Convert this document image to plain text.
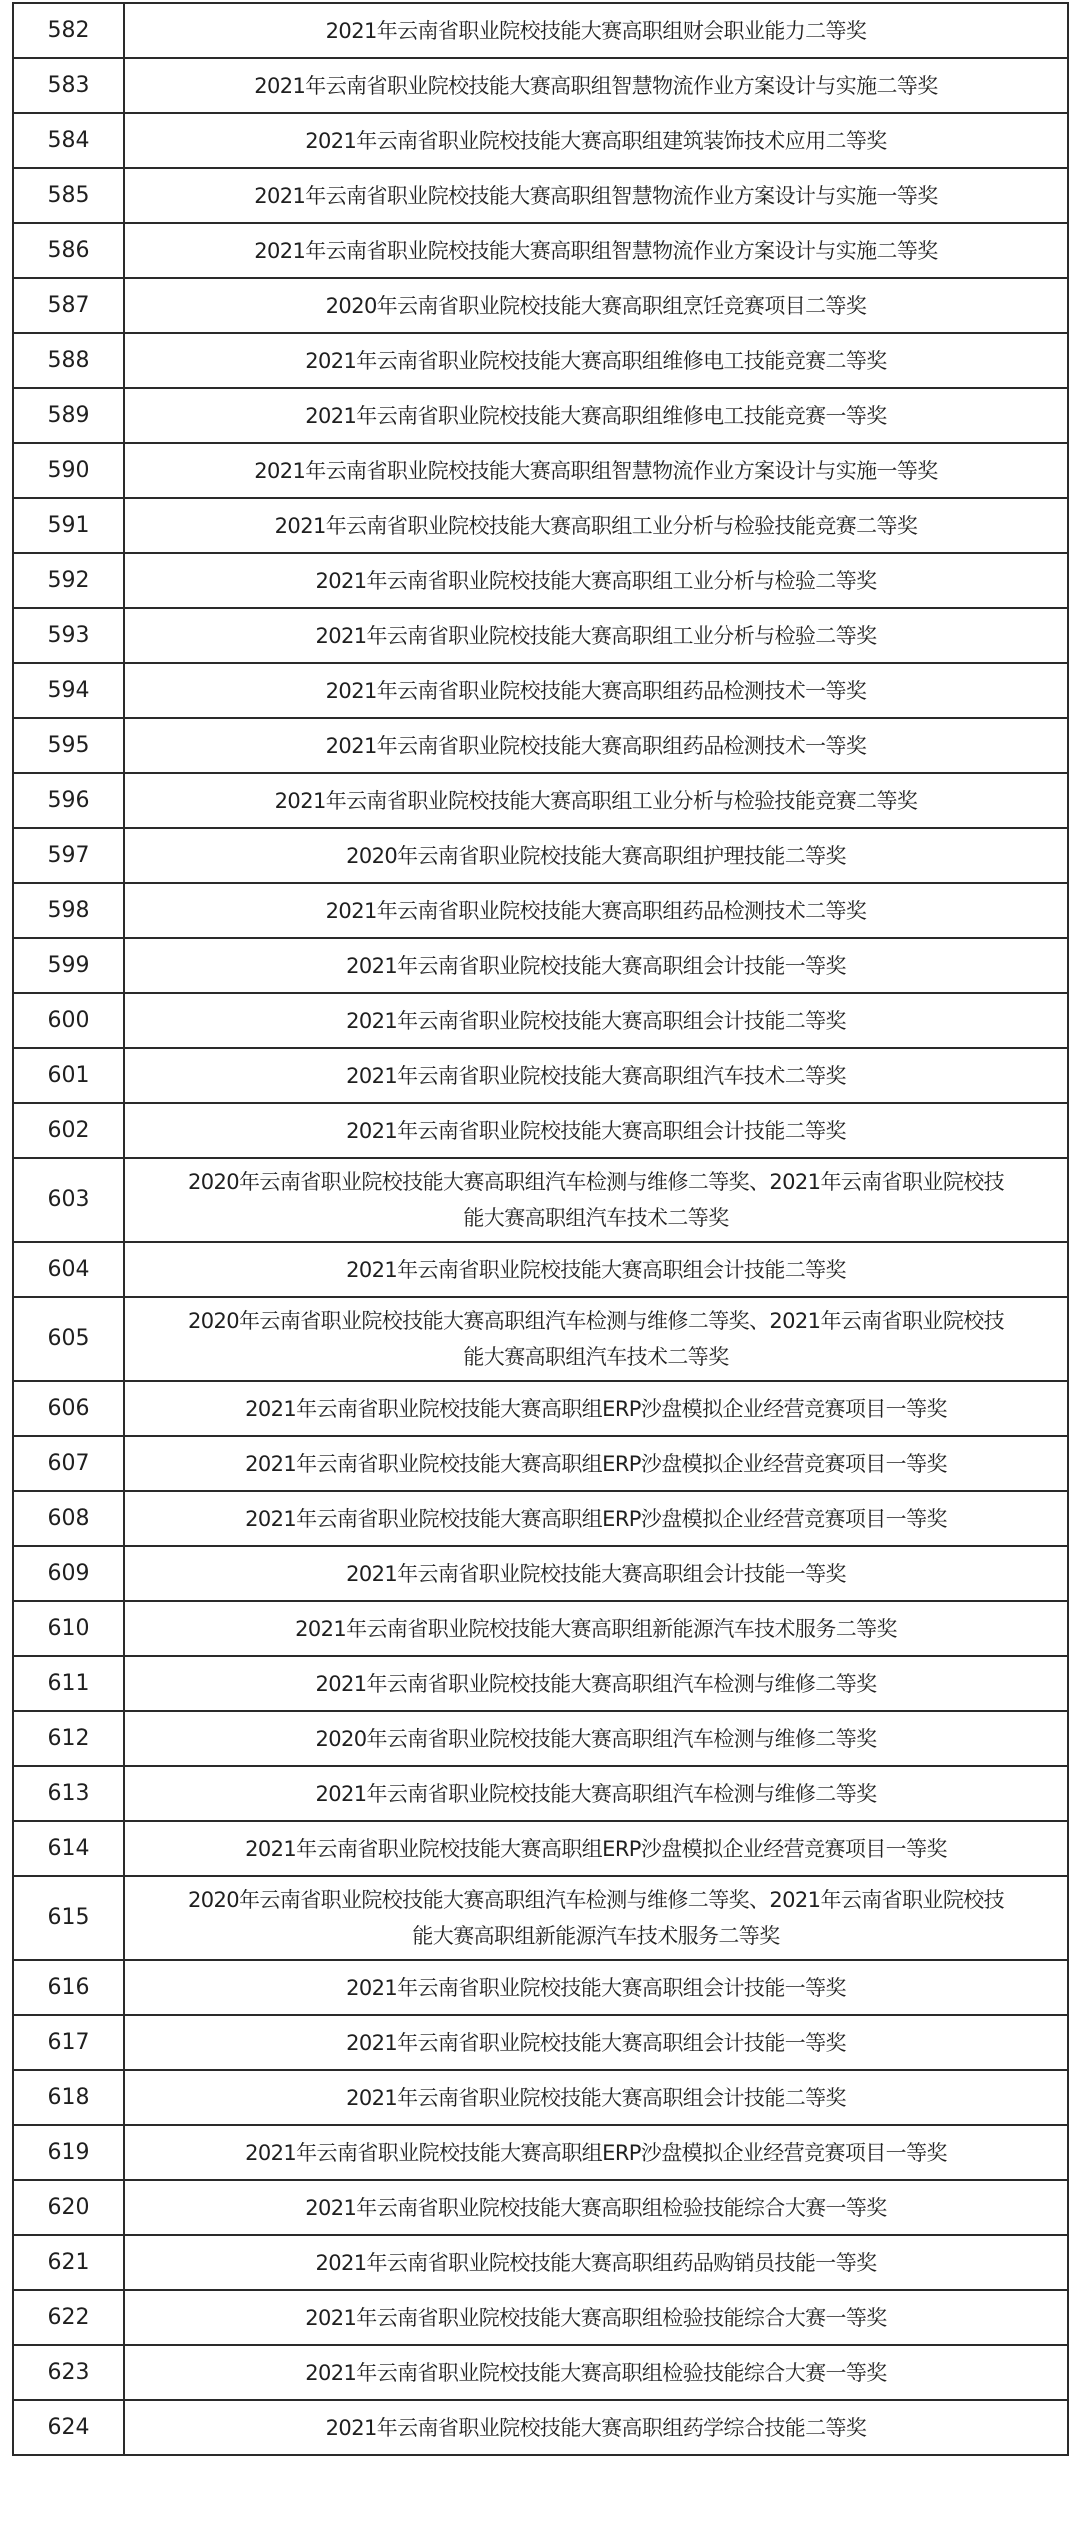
582	2021年云南省职业院校技能大赛高职组财会职业能力二等奖
583	2021年云南省职业院校技能大赛高职组智慧物流作业方案设计与实施二等奖
584	2021年云南省职业院校技能大赛高职组建筑装饰技术应用二等奖
585	2021年云南省职业院校技能大赛高职组智慧物流作业方案设计与实施一等奖
586	2021年云南省职业院校技能大赛高职组智慧物流作业方案设计与实施二等奖
587	2020年云南省职业院校技能大赛高职组烹饪竞赛项目二等奖
588	2021年云南省职业院校技能大赛高职组维修电工技能竞赛二等奖
589	2021年云南省职业院校技能大赛高职组维修电工技能竞赛一等奖
590	2021年云南省职业院校技能大赛高职组智慧物流作业方案设计与实施一等奖
591	2021年云南省职业院校技能大赛高职组工业分析与检验技能竞赛二等奖
592	2021年云南省职业院校技能大赛高职组工业分析与检验二等奖
593	2021年云南省职业院校技能大赛高职组工业分析与检验二等奖
594	2021年云南省职业院校技能大赛高职组药品检测技术一等奖
595	2021年云南省职业院校技能大赛高职组药品检测技术一等奖
596	2021年云南省职业院校技能大赛高职组工业分析与检验技能竞赛二等奖
597	2020年云南省职业院校技能大赛高职组护理技能二等奖
598	2021年云南省职业院校技能大赛高职组药品检测技术二等奖
599	2021年云南省职业院校技能大赛高职组会计技能一等奖
600	2021年云南省职业院校技能大赛高职组会计技能二等奖
601	2021年云南省职业院校技能大赛高职组汽车技术二等奖
602	2021年云南省职业院校技能大赛高职组会计技能二等奖
603	2020年云南省职业院校技能大赛高职组汽车检测与维修二等奖、2021年云南省职业院校技
能大赛高职组汽车技术二等奖

604	2021年云南省职业院校技能大赛高职组会计技能二等奖
605	2020年云南省职业院校技能大赛高职组汽车检测与维修二等奖、2021年云南省职业院校技
能大赛高职组汽车技术二等奖

606	2021年云南省职业院校技能大赛高职组ERP沙盘模拟企业经营竞赛项目一等奖
607	2021年云南省职业院校技能大赛高职组ERP沙盘模拟企业经营竞赛项目一等奖
608	2021年云南省职业院校技能大赛高职组ERP沙盘模拟企业经营竞赛项目一等奖
609	2021年云南省职业院校技能大赛高职组会计技能一等奖
610	2021年云南省职业院校技能大赛高职组新能源汽车技术服务二等奖
611	2021年云南省职业院校技能大赛高职组汽车检测与维修二等奖
612	2020年云南省职业院校技能大赛高职组汽车检测与维修二等奖
613	2021年云南省职业院校技能大赛高职组汽车检测与维修二等奖
614	2021年云南省职业院校技能大赛高职组ERP沙盘模拟企业经营竞赛项目一等奖
615	2020年云南省职业院校技能大赛高职组汽车检测与维修二等奖、2021年云南省职业院校技
能大赛高职组新能源汽车技术服务二等奖

616	2021年云南省职业院校技能大赛高职组会计技能一等奖
617	2021年云南省职业院校技能大赛高职组会计技能一等奖
618	2021年云南省职业院校技能大赛高职组会计技能二等奖
619	2021年云南省职业院校技能大赛高职组ERP沙盘模拟企业经营竞赛项目一等奖
620	2021年云南省职业院校技能大赛高职组检验技能综合大赛一等奖
621	2021年云南省职业院校技能大赛高职组药品购销员技能一等奖
622	2021年云南省职业院校技能大赛高职组检验技能综合大赛一等奖
623	2021年云南省职业院校技能大赛高职组检验技能综合大赛一等奖
624	2021年云南省职业院校技能大赛高职组药学综合技能二等奖
